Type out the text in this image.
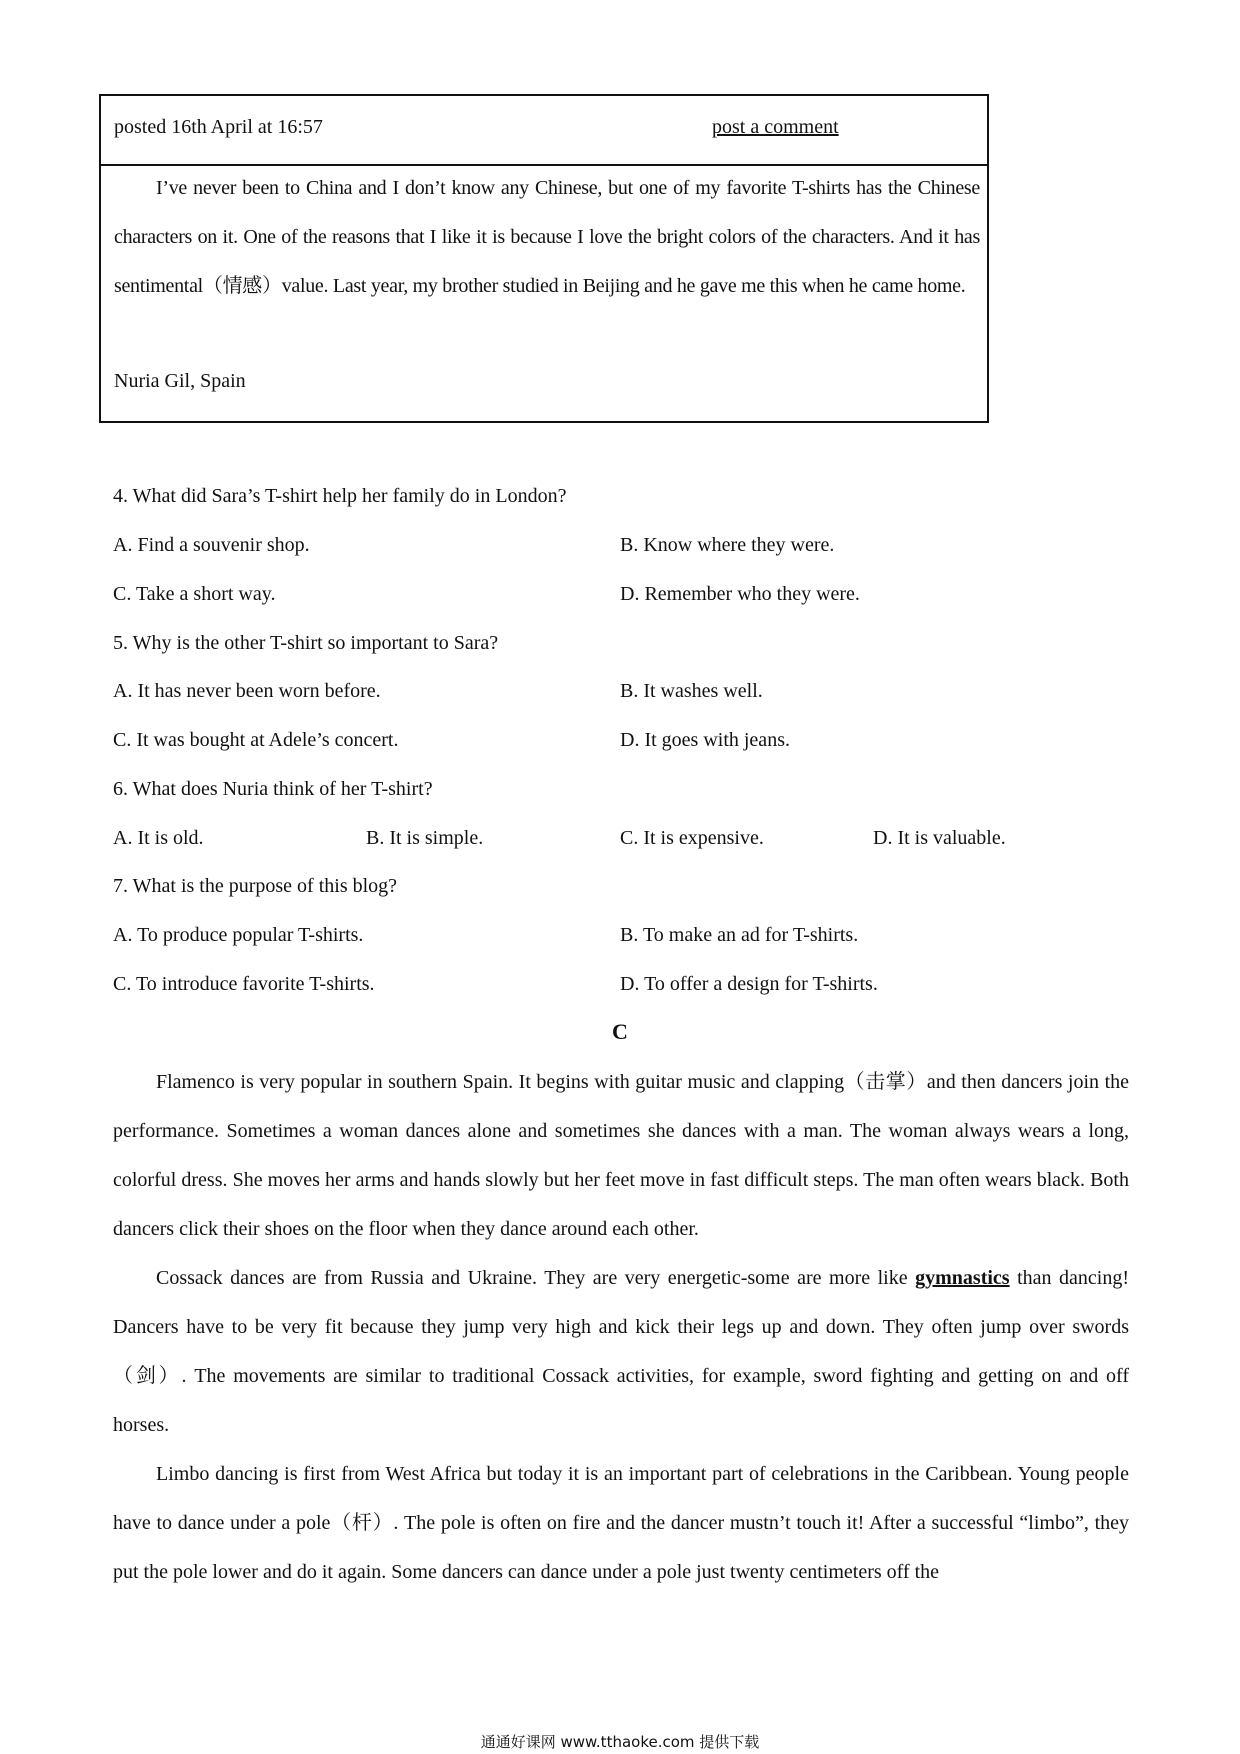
posted 16th April at 16:57	post a comment

I’ve never been to China and I don’t know any Chinese, but one of my favorite T-shirts has the Chinese characters on it. One of the reasons that I like it is because I love the bright colors of the characters. And it has sentimental（情感）value. Last year, my brother studied in Beijing and he gave me this when he came home.

Nuria Gil, Spain
4. What did Sara’s T-shirt help her family do in London?
A. Find a souvenir shop.	B. Know where they were.
C. Take a short way.	D. Remember who they were.
5. Why is the other T-shirt so important to Sara?
A. It has never been worn before.	B. It washes well.
C. It was bought at Adele’s concert.	D. It goes with jeans.
6. What does Nuria think of her T-shirt?
A. It is old.	B. It is simple.	C. It is expensive.	D. It is valuable.
7. What is the purpose of this blog?
A. To produce popular T-shirts.	B. To make an ad for T-shirts.
C. To introduce favorite T-shirts.	D. To offer a design for T-shirts.
C

Flamenco is very popular in southern Spain. It begins with guitar music and clapping（击掌）and then dancers join the performance. Sometimes a woman dances alone and sometimes she dances with a man. The woman always wears a long, colorful dress. She moves her arms and hands slowly but her feet move in fast difficult steps. The man often wears black. Both dancers click their shoes on the floor when they dance around each other.

Cossack dances are from Russia and Ukraine. They are very energetic-some are more like gymnastics than dancing! Dancers have to be very fit because they jump very high and kick their legs up and down. They often jump over swords（剑）. The movements are similar to traditional Cossack activities, for example, sword fighting and getting on and off horses.

Limbo dancing is first from West Africa but today it is an important part of celebrations in the Caribbean. Young people have to dance under a pole（杆）. The pole is often on fire and the dancer mustn’t touch it! After a successful “limbo”, they put the pole lower and do it again. Some dancers can dance under a pole just twenty centimeters off the

通通好课网 www.tthaoke.com 提供下载
